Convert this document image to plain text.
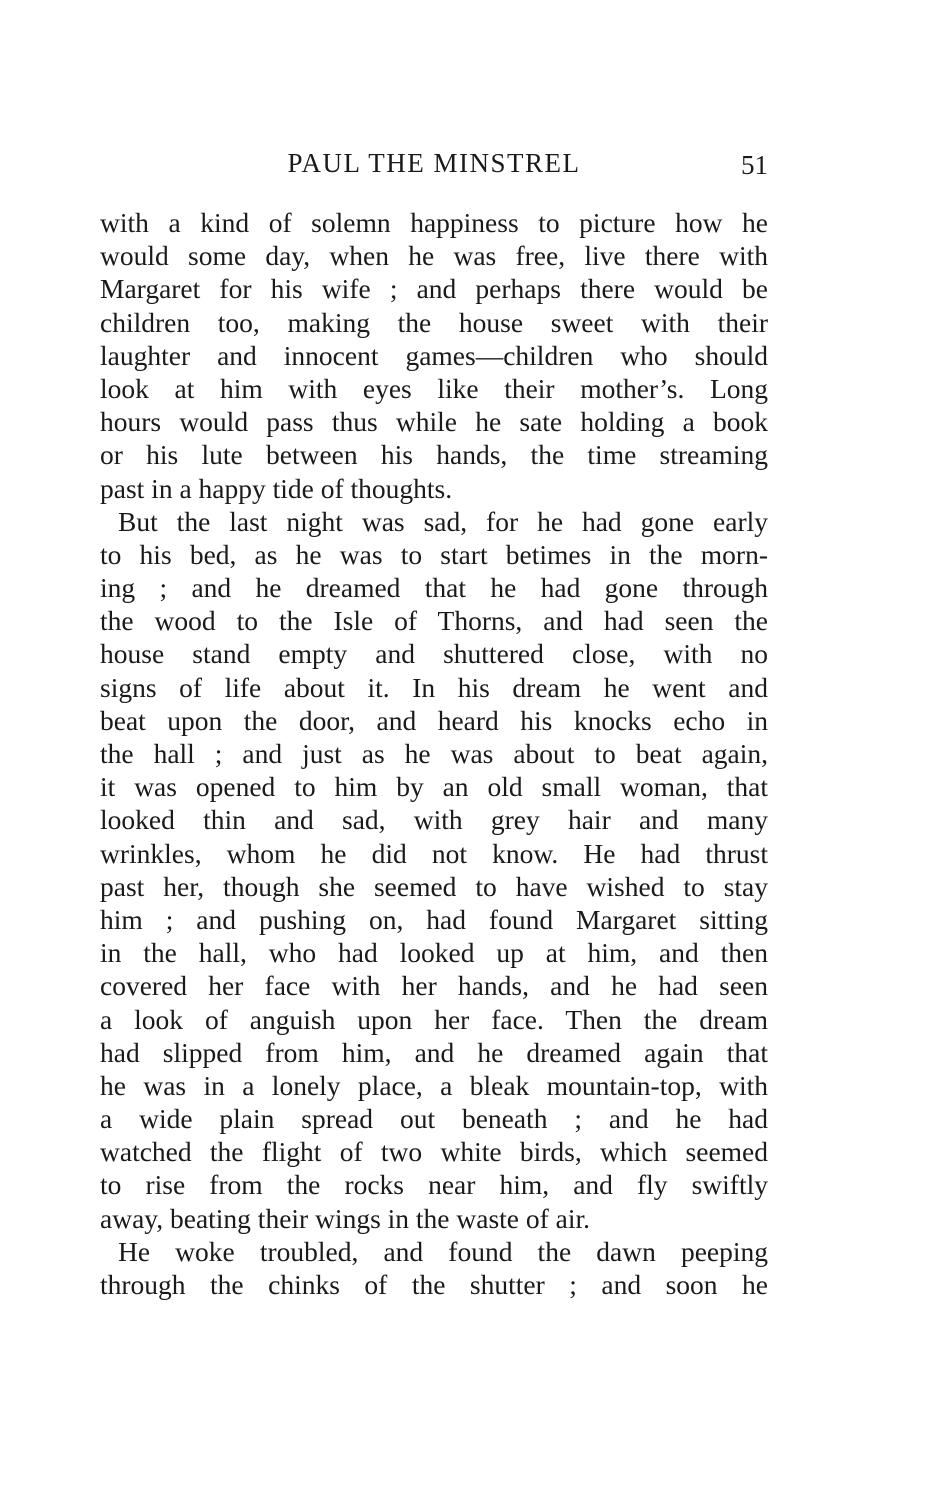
PAUL THE MINSTREL	51
with a kind of solemn happiness to picture how he
would some day, when he was free, live there with
Margaret for his wife ; and perhaps there would be
children too, making the house sweet with their
laughter and innocent games—children who should
look at him with eyes like their mother’s. Long
hours would pass thus while he sate holding a book
or his lute between his hands, the time streaming
past in a happy tide of thoughts.
But the last night was sad, for he had gone early
to his bed, as he was to start betimes in the morn-
ing ; and he dreamed that he had gone through
the wood to the Isle of Thorns, and had seen the
house stand empty and shuttered close, with no
signs of life about it. In his dream he went and
beat upon the door, and heard his knocks echo in
the hall ; and just as he was about to beat again,
it was opened to him by an old small woman, that
looked thin and sad, with grey hair and many
wrinkles, whom he did not know. He had thrust
past her, though she seemed to have wished to stay
him ; and pushing on, had found Margaret sitting
in the hall, who had looked up at him, and then
covered her face with her hands, and he had seen
a look of anguish upon her face. Then the dream
had slipped from him, and he dreamed again that
he was in a lonely place, a bleak mountain-top, with
a wide plain spread out beneath ; and he had
watched the flight of two white birds, which seemed
to rise from the rocks near him, and fly swiftly
away, beating their wings in the waste of air.
He woke troubled, and found the dawn peeping
through the chinks of the shutter ; and soon he
